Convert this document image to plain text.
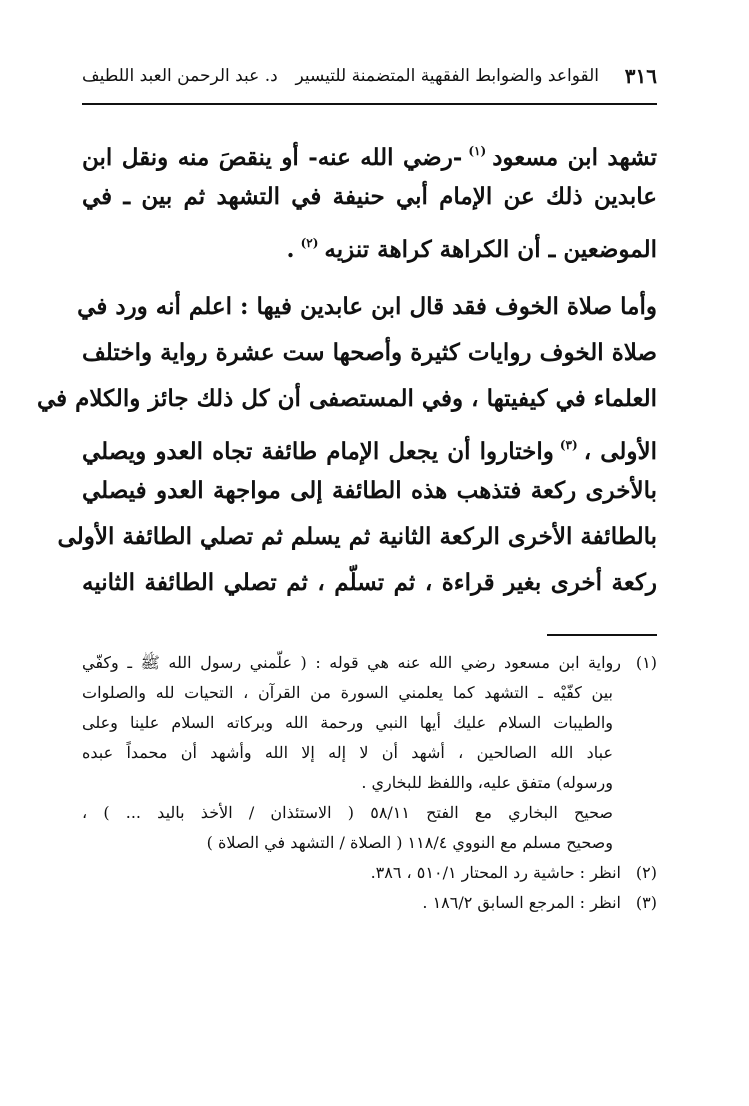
٣١٦
القواعد والضوابط الفقهية المتضمنة للتيسير
د. عبد الرحمن العبد اللطيف

تشهد ابن مسعود$^{(١)}$-رضي الله عنه- أو ينقصَ منه ونقل ابن
عابدين ذلك عن الإمام أبي حنيفة في التشهد ثم بين ـ في
الموضعين ـ أن الكراهة كراهة تنزيه$^{(٢)}$.

وأما صلاة الخوف فقد قال ابن عابدين فيها : اعلم أنه ورد في
صلاة الخوف روايات كثيرة وأصحها ست عشرة رواية واختلف
العلماء في كيفيتها ، وفي المستصفى أن كل ذلك جائز والكلام في
الأولى ،$^{(٣)}$واختاروا أن يجعل الإمام طائفة تجاه العدو ويصلي
بالأخرى ركعة فتذهب هذه الطائفة إلى مواجهة العدو فيصلي
بالطائفة الأخرى الركعة الثانية ثم يسلم ثم تصلي الطائفة الأولى
ركعة أخرى بغير قراءة ، ثم تسلّم ، ثم تصلي الطائفة الثانيه

(١)رواية ابن مسعود رضي الله عنه هي قوله : ( علّمني رسول الله ﷺ ـ وكفّي
بين كفّيْه ـ التشهد كما يعلمني السورة من القرآن ، التحيات لله والصلوات
والطيبات السلام عليك أيها النبي ورحمة الله وبركاته السلام علينا وعلى
عباد الله الصالحين ، أشهد أن لا إله إلا الله وأشهد أن محمداً عبده
ورسوله) متفق عليه، واللفظ للبخاري .
صحيح البخاري مع الفتح ٥٨/١١ ( الاستئذان / الأخذ باليد ... ) ،
وصحيح مسلم مع النووي ١١٨/٤ ( الصلاة / التشهد في الصلاة )
(٢)انظر : حاشية رد المحتار ٥١٠/١ ، ٣٨٦.
(٣)انظر : المرجع السابق ١٨٦/٢ .
